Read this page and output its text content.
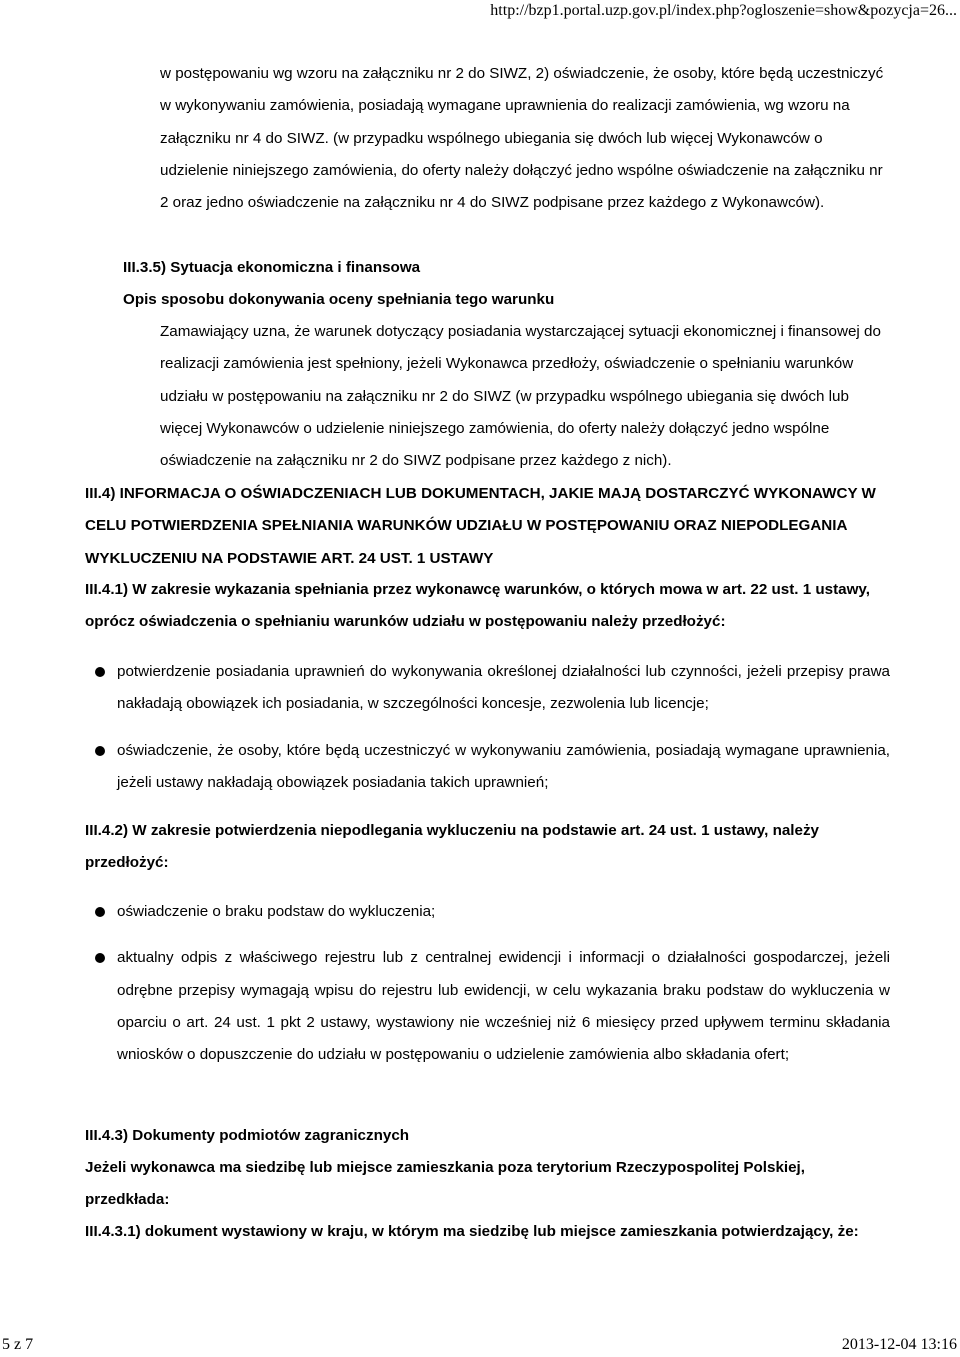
http://bzp1.portal.uzp.gov.pl/index.php?ogloszenie=show&pozycja=26...

w postępowaniu wg wzoru na załączniku nr 2 do SIWZ, 2) oświadczenie, że osoby, które będą uczestniczyć w wykonywaniu zamówienia, posiadają wymagane uprawnienia do realizacji zamówienia, wg wzoru na załączniku nr 4 do SIWZ. (w przypadku wspólnego ubiegania się dwóch lub więcej Wykonawców o udzielenie niniejszego zamówienia, do oferty należy dołączyć jedno wspólne oświadczenie na załączniku nr 2 oraz jedno oświadczenie na załączniku nr 4 do SIWZ podpisane przez każdego z Wykonawców).

III.3.5) Sytuacja ekonomiczna i finansowa

Opis sposobu dokonywania oceny spełniania tego warunku

Zamawiający uzna, że warunek dotyczący posiadania wystarczającej sytuacji ekonomicznej i finansowej do realizacji zamówienia jest spełniony, jeżeli Wykonawca przedłoży, oświadczenie o spełnianiu warunków udziału w postępowaniu na załączniku nr 2 do SIWZ (w przypadku wspólnego ubiegania się dwóch lub więcej Wykonawców o udzielenie niniejszego zamówienia, do oferty należy dołączyć jedno wspólne oświadczenie na załączniku nr 2 do SIWZ podpisane przez każdego z nich).

III.4) INFORMACJA O OŚWIADCZENIACH LUB DOKUMENTACH, JAKIE MAJĄ DOSTARCZYĆ WYKONAWCY W CELU POTWIERDZENIA SPEŁNIANIA WARUNKÓW UDZIAŁU W POSTĘPOWANIU ORAZ NIEPODLEGANIA WYKLUCZENIU NA PODSTAWIE ART. 24 UST. 1 USTAWY

III.4.1) W zakresie wykazania spełniania przez wykonawcę warunków, o których mowa w art. 22 ust. 1 ustawy, oprócz oświadczenia o spełnianiu warunków udziału w postępowaniu należy przedłożyć:

potwierdzenie posiadania uprawnień do wykonywania określonej działalności lub czynności, jeżeli przepisy prawa nakładają obowiązek ich posiadania, w szczególności koncesje, zezwolenia lub licencje;
oświadczenie, że osoby, które będą uczestniczyć w wykonywaniu zamówienia, posiadają wymagane uprawnienia, jeżeli ustawy nakładają obowiązek posiadania takich uprawnień;

III.4.2) W zakresie potwierdzenia niepodlegania wykluczeniu na podstawie art. 24 ust. 1 ustawy, należy przedłożyć:

oświadczenie o braku podstaw do wykluczenia;
aktualny odpis z właściwego rejestru lub z centralnej ewidencji i informacji o działalności gospodarczej, jeżeli odrębne przepisy wymagają wpisu do rejestru lub ewidencji, w celu wykazania braku podstaw do wykluczenia w oparciu o art. 24 ust. 1 pkt 2 ustawy, wystawiony nie wcześniej niż 6 miesięcy przed upływem terminu składania wniosków o dopuszczenie do udziału w postępowaniu o udzielenie zamówienia albo składania ofert;

III.4.3) Dokumenty podmiotów zagranicznych

Jeżeli wykonawca ma siedzibę lub miejsce zamieszkania poza terytorium Rzeczypospolitej Polskiej, przedkłada:

III.4.3.1) dokument wystawiony w kraju, w którym ma siedzibę lub miejsce zamieszkania potwierdzający, że:

5 z 7	2013-12-04 13:16
